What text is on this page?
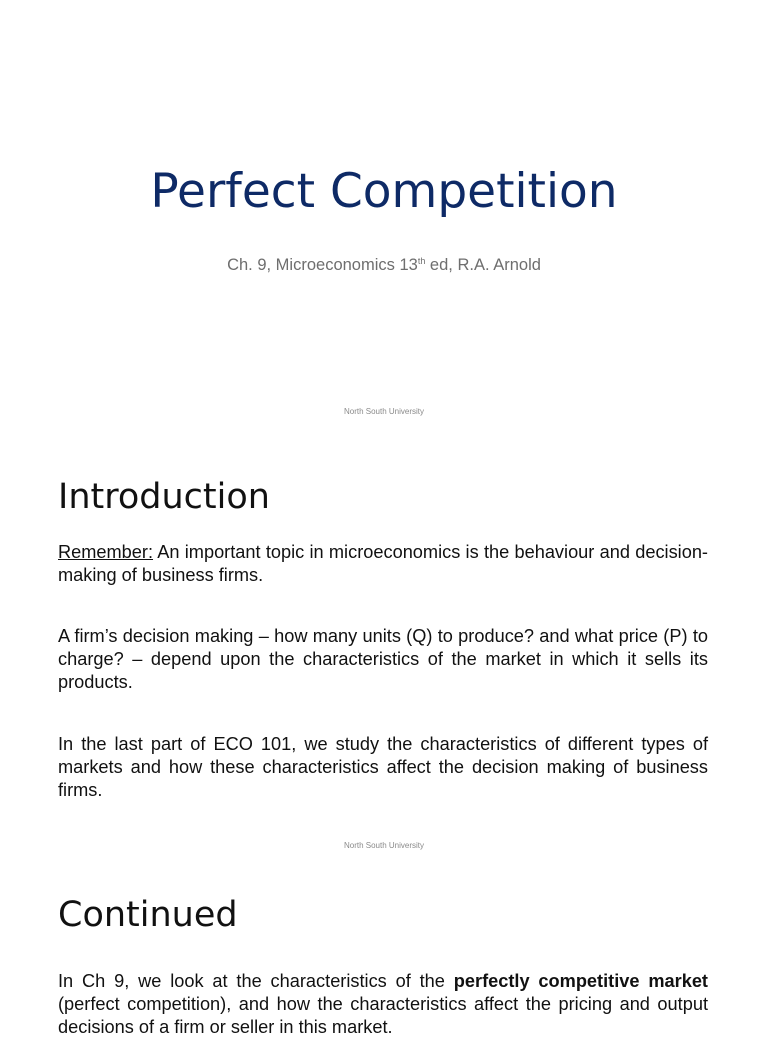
Perfect Competition
Ch. 9, Microeconomics 13th ed, R.A. Arnold
North South University
Introduction

Remember: An important topic in microeconomics is the behaviour and decision-making of business firms.

A firm’s decision making – how many units (Q) to produce? and what price (P) to charge? – depend upon the characteristics of the market in which it sells its products.

In the last part of ECO 101, we study the characteristics of different types of markets and how these characteristics affect the decision making of business firms.

North South University
Continued

In Ch 9, we look at the characteristics of the perfectly competitive market (perfect competition), and how the characteristics affect the pricing and output decisions of a firm or seller in this market.
